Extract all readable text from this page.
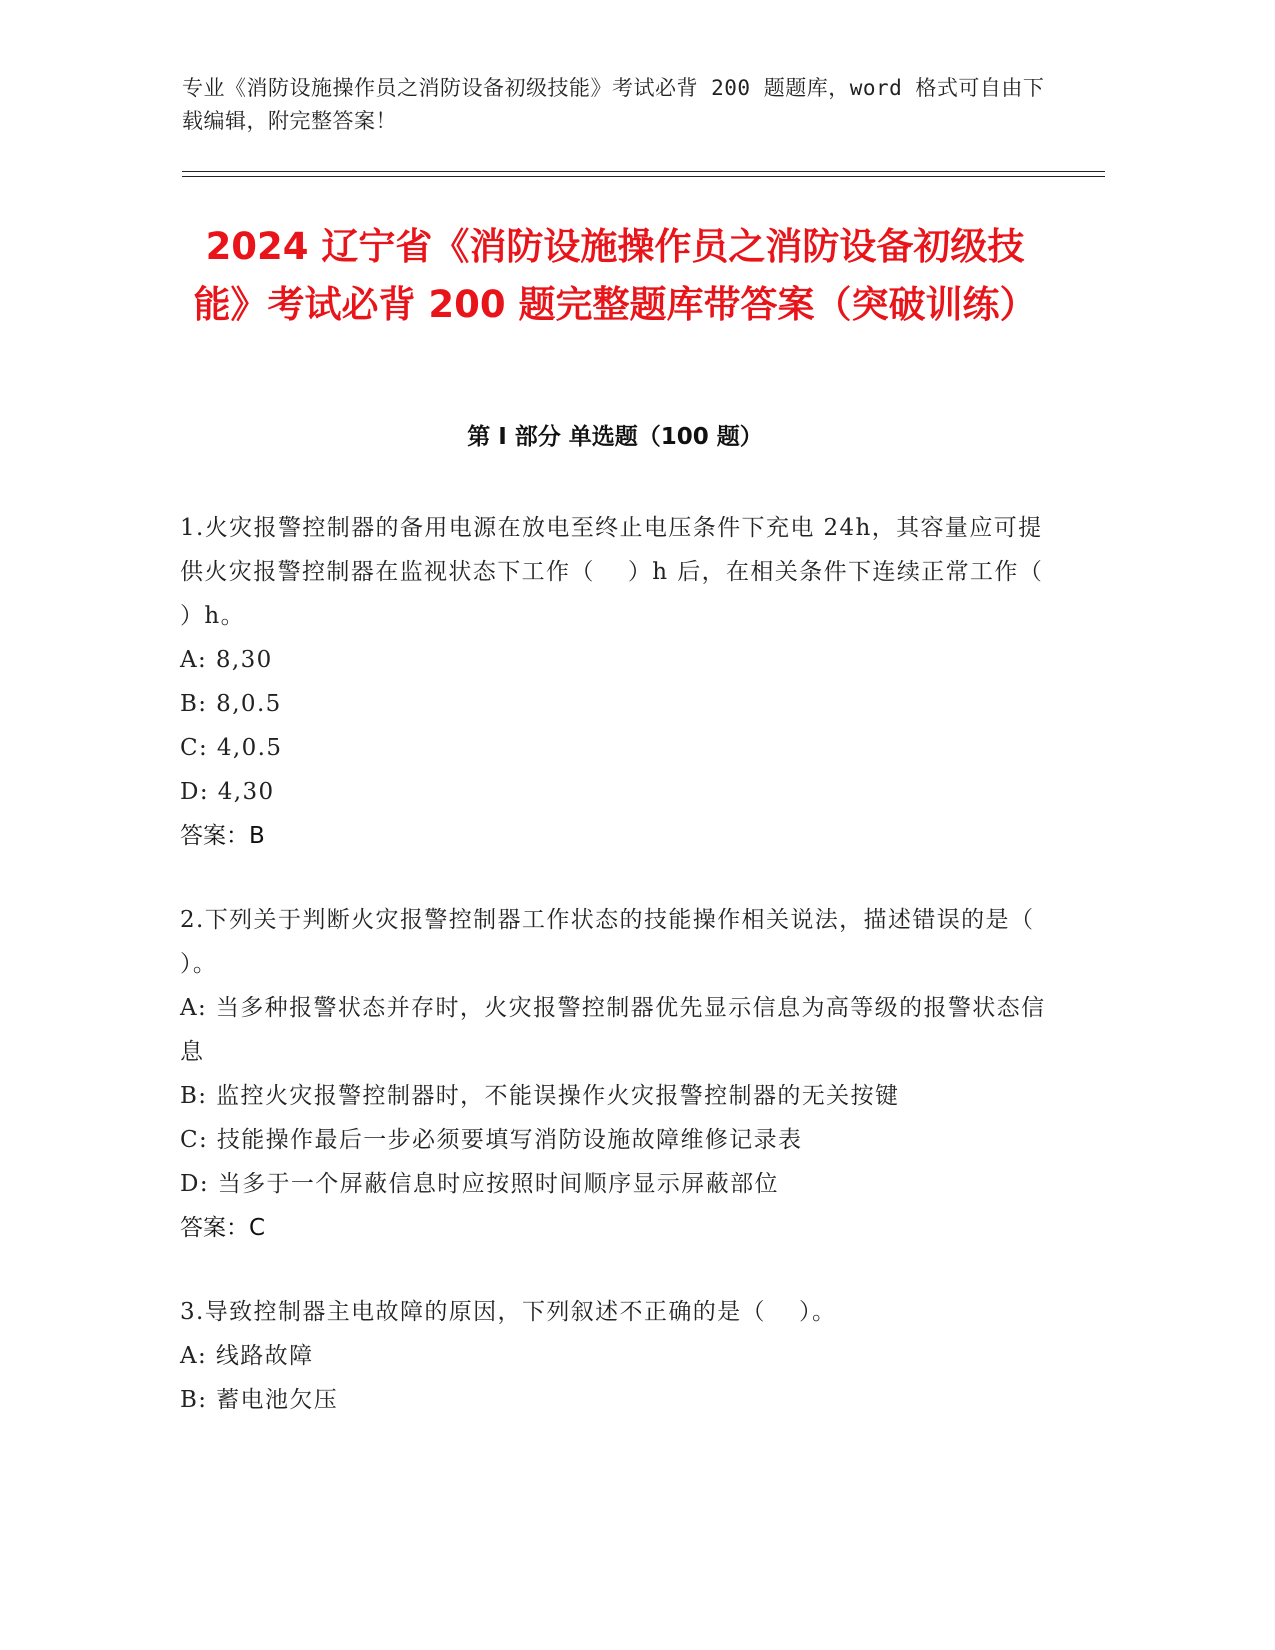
专业《消防设施操作员之消防设备初级技能》考试必背 200 题题库，word 格式可自由下载编辑，附完整答案！
2024 辽宁省《消防设施操作员之消防设备初级技能》考试必背 200 题完整题库带答案（突破训练）
第 I 部分 单选题（100 题）

1.火灾报警控制器的备用电源在放电至终止电压条件下充电 24h，其容量应可提供火灾报警控制器在监视状态下工作（　 ）h 后，在相关条件下连续正常工作（　 ）h。

A: 8,30

B: 8,0.5

C: 4,0.5

D: 4,30

答案：B

2.下列关于判断火灾报警控制器工作状态的技能操作相关说法，描述错误的是（　 ）。

A: 当多种报警状态并存时，火灾报警控制器优先显示信息为高等级的报警状态信息

B: 监控火灾报警控制器时，不能误操作火灾报警控制器的无关按键

C: 技能操作最后一步必须要填写消防设施故障维修记录表

D: 当多于一个屏蔽信息时应按照时间顺序显示屏蔽部位

答案：C

3.导致控制器主电故障的原因，下列叙述不正确的是（　 ）。

A: 线路故障

B: 蓄电池欠压
